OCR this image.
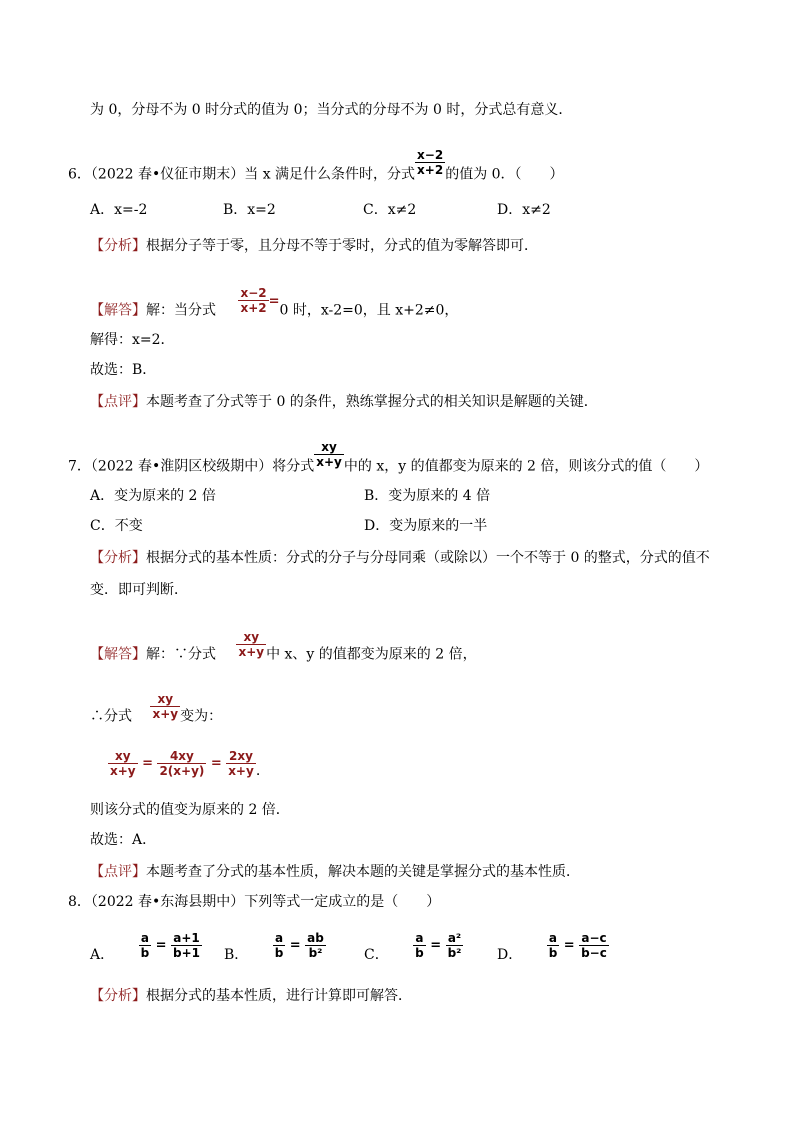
为 0，分母不为 0 时分式的值为 0；当分式的分母不为 0 时，分式总有意义．
6．（2022 春•仪征市期末）当 x 满足什么条件时，分式 $\frac{x-2}{x+2}$ 的值为 0．（　　）
A．x=-2	B．x=2	C．x≠2	D．x≠2
【分析】根据分子等于零，且分母不等于零时，分式的值为零解答即可．
【解答】解：当分式 $\frac{x-2}{x+2} =0$ 时，x-2=0，且 x+2≠0，
解得：x=2．
故选：B．
【点评】本题考查了分式等于 0 的条件，熟练掌握分式的相关知识是解题的关键．
7．（2022 春•淮阴区校级期中）将分式 $\frac{xy}{x+y}$ 中的 x，y 的值都变为原来的 2 倍，则该分式的值（　　）
A．变为原来的 2 倍	B．变为原来的 4 倍
C．不变	D．变为原来的一半
【分析】根据分式的基本性质：分式的分子与分母同乘（或除以）一个不等于 0 的整式，分式的值不
变．即可判断．
【解答】解：∵分式 $\frac{xy}{x+y}$ 中 x、y 的值都变为原来的 2 倍，
∴分式 $\frac{xy}{x+y}$ 变为：
$\frac{xy}{x+y} = \frac{4xy}{2(x+y)} = \frac{2xy}{x+y}$ .
则该分式的值变为原来的 2 倍．
故选：A．
【点评】本题考查了分式的基本性质，解决本题的关键是掌握分式的基本性质．
8．（2022 春•东海县期中）下列等式一定成立的是（　　）
A． $\frac{a}{b} = \frac{a+1}{b+1}$ B． $\frac{a}{b} = \frac{ab}{\text{b²}}$	C． $\frac{a}{b} = \frac{\text{a²}}{\text{b²}}$ D． $\frac{a}{b} = \frac{a-c}{b-c}$
【分析】根据分式的基本性质，进行计算即可解答．
